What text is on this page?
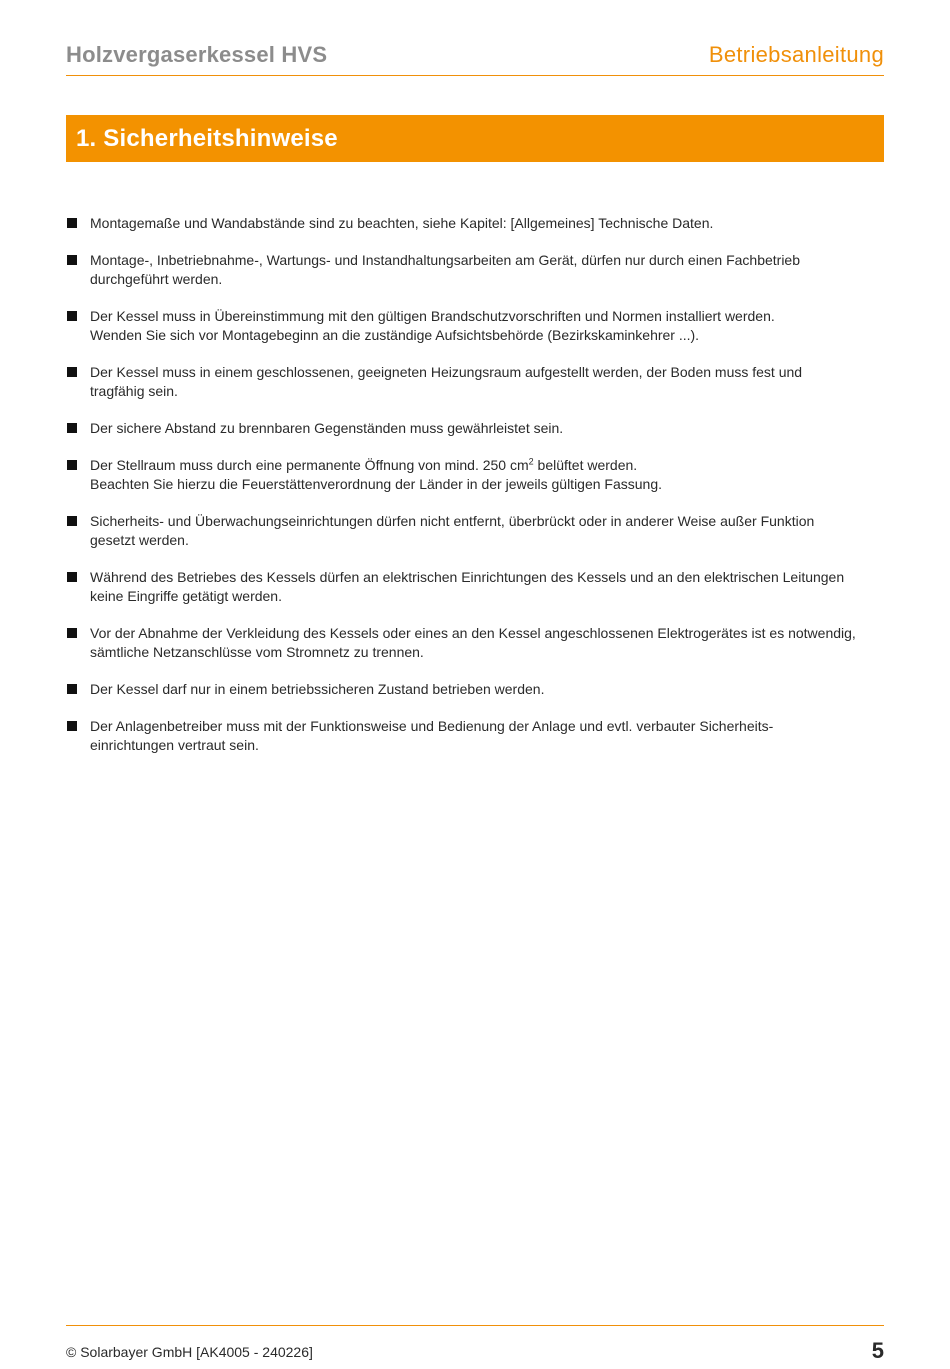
Holzvergaserkessel HVS	Betriebsanleitung
1. Sicherheitshinweise
Montagemaße und Wandabstände sind zu beachten, siehe Kapitel: [Allgemeines] Technische Daten.
Montage-, Inbetriebnahme-, Wartungs- und Instandhaltungsarbeiten am Gerät, dürfen nur durch einen Fachbetrieb
durchgeführt werden.
Der Kessel muss in Übereinstimmung mit den gültigen Brandschutzvorschriften und Normen installiert werden.
Wenden Sie sich vor Montagebeginn an die zuständige Aufsichtsbehörde (Bezirkskaminkehrer ...).
Der Kessel muss in einem geschlossenen, geeigneten Heizungsraum aufgestellt werden, der Boden muss fest und
tragfähig sein.
Der sichere Abstand zu brennbaren Gegenständen muss gewährleistet sein.
Der Stellraum muss durch eine permanente Öffnung von mind. 250 $cm^2$ belüftet werden.
Beachten Sie hierzu die Feuerstättenverordnung der Länder in der jeweils gültigen Fassung.
Sicherheits- und Überwachungseinrichtungen dürfen nicht entfernt, überbrückt oder in anderer Weise außer Funktion
gesetzt werden.
Während des Betriebes des Kessels dürfen an elektrischen Einrichtungen des Kessels und an den elektrischen Leitungen
keine Eingriffe getätigt werden.
Vor der Abnahme der Verkleidung des Kessels oder eines an den Kessel angeschlossenen Elektrogerätes ist es notwendig,
sämtliche Netzanschlüsse vom Stromnetz zu trennen.
Der Kessel darf nur in einem betriebssicheren Zustand betrieben werden.
Der Anlagenbetreiber muss mit der Funktionsweise und Bedienung der Anlage und evtl. verbauter Sicherheits-
einrichtungen vertraut sein.
© Solarbayer GmbH [AK4005 - 240226]	5
